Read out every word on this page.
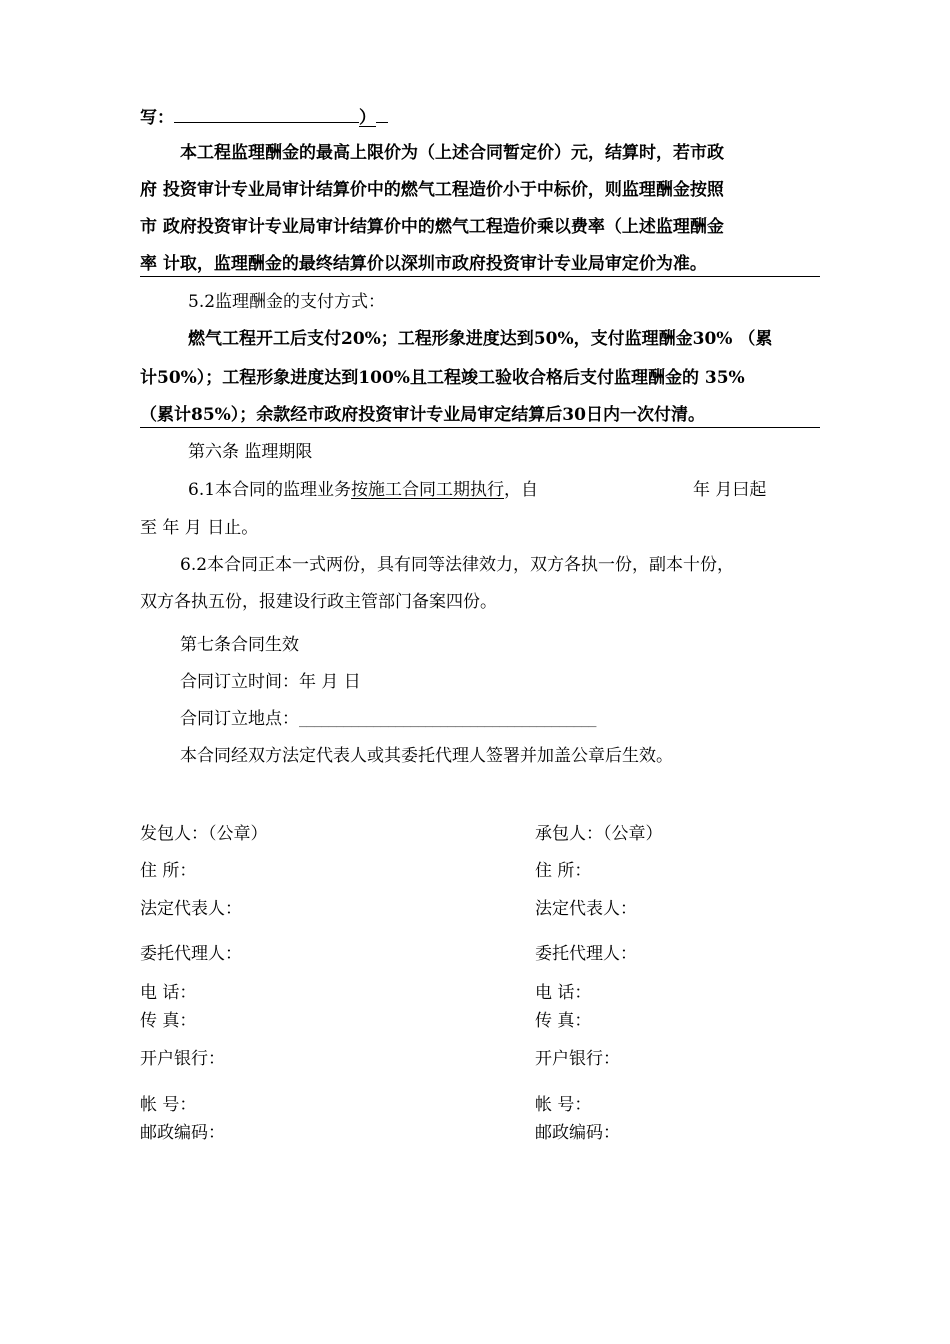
写：	）
本工程监理酬金的最高上限价为（上述合同暂定价）元，结算时，若市政
府 投资审计专业局审计结算价中的燃气工程造价小于中标价，则监理酬金按照
市 政府投资审计专业局审计结算价中的燃气工程造价乘以费率（上述监理酬金
率 计取，监理酬金的最终结算价以深圳市政府投资审计专业局审定价为准。
5.2监理酬金的支付方式：
燃气工程开工后支付20%；工程形象进度达到50%，支付监理酬金30% （累
计50%）；工程形象进度达到100%且工程竣工验收合格后支付监理酬金的 35%
（累计85%）；余款经市政府投资审计专业局审定结算后30日内一次付清。
第六条 监理期限
6.1本合同的监理业务按施工合同工期执行，自	年 月曰起
至 年 月 日止。
6.2本合同正本一式两份，具有同等法律效力，双方各执一份，副本十份，
双方各执五份，报建设行政主管部门备案四份。
第七条合同生效
合同订立时间：年 月 日
合同订立地点：________________________________________
本合同经双方法定代表人或其委托代理人签署并加盖公章后生效。
发包人：（公章）
住 所：
法定代表人：
委托代理人：
电 话：
传 真：
开户银行：
帐 号：
邮政编码：
承包人：（公章）
住 所：
法定代表人：
委托代理人：
电 话：
传 真：
开户银行：
帐 号：
邮政编码：
